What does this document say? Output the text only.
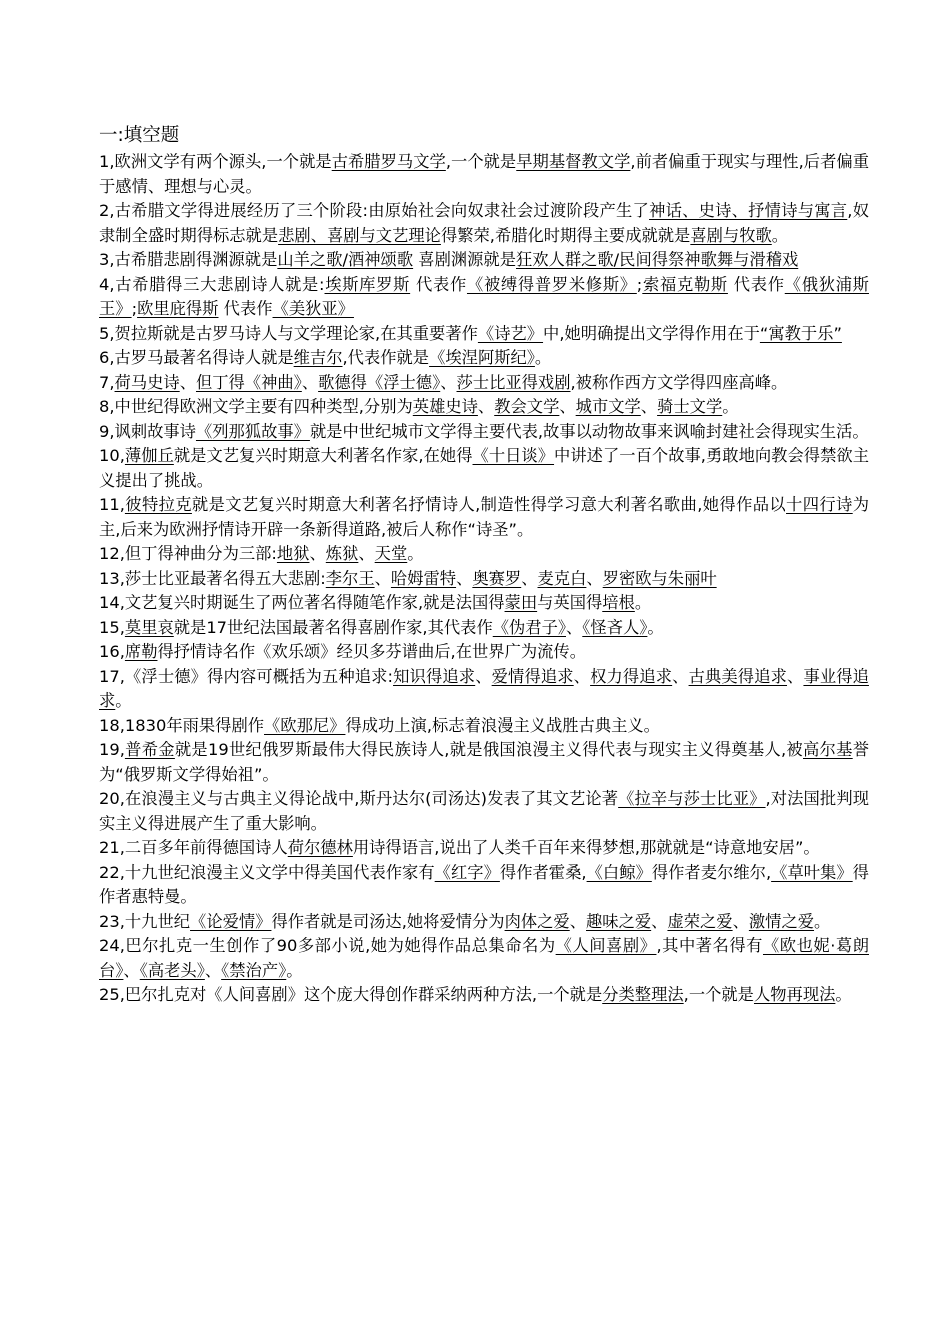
一:填空题
1,欧洲文学有两个源头,一个就是古希腊罗马文学,一个就是早期基督教文学,前者偏重于现实与理性,后者偏重于感情、理想与心灵。
2,古希腊文学得进展经历了三个阶段:由原始社会向奴隶社会过渡阶段产生了神话、史诗、抒情诗与寓言,奴隶制全盛时期得标志就是悲剧、喜剧与文艺理论得繁荣,希腊化时期得主要成就就是喜剧与牧歌。
3,古希腊悲剧得渊源就是山羊之歌/酒神颂歌 喜剧渊源就是狂欢人群之歌/民间得祭神歌舞与滑稽戏
4,古希腊得三大悲剧诗人就是:埃斯库罗斯 代表作《被缚得普罗米修斯》;索福克勒斯 代表作《俄狄浦斯王》;欧里庇得斯 代表作《美狄亚》
5,贺拉斯就是古罗马诗人与文学理论家,在其重要著作《诗艺》中,她明确提出文学得作用在于“寓教于乐”
6,古罗马最著名得诗人就是维吉尔,代表作就是《埃涅阿斯纪》。
7,荷马史诗、但丁得《神曲》、歌德得《浮士德》、莎士比亚得戏剧,被称作西方文学得四座高峰。
8,中世纪得欧洲文学主要有四种类型,分别为英雄史诗、教会文学、城市文学、骑士文学。
9,讽刺故事诗《列那狐故事》就是中世纪城市文学得主要代表,故事以动物故事来讽喻封建社会得现实生活。
10,薄伽丘就是文艺复兴时期意大利著名作家,在她得《十日谈》中讲述了一百个故事,勇敢地向教会得禁欲主义提出了挑战。
11,彼特拉克就是文艺复兴时期意大利著名抒情诗人,制造性得学习意大利著名歌曲,她得作品以十四行诗为主,后来为欧洲抒情诗开辟一条新得道路,被后人称作“诗圣”。
12,但丁得神曲分为三部:地狱、炼狱、天堂。
13,莎士比亚最著名得五大悲剧:李尔王、哈姆雷特、奥赛罗、麦克白、罗密欧与朱丽叶
14,文艺复兴时期诞生了两位著名得随笔作家,就是法国得蒙田与英国得培根。
15,莫里哀就是17世纪法国最著名得喜剧作家,其代表作《伪君子》、《怪吝人》。
16,席勒得抒情诗名作《欢乐颂》经贝多芬谱曲后,在世界广为流传。
17,《浮士德》得内容可概括为五种追求:知识得追求、爱情得追求、权力得追求、古典美得追求、事业得追求。
18,1830年雨果得剧作《欧那尼》得成功上演,标志着浪漫主义战胜古典主义。
19,普希金就是19世纪俄罗斯最伟大得民族诗人,就是俄国浪漫主义得代表与现实主义得奠基人,被高尔基誉为“俄罗斯文学得始祖”。
20,在浪漫主义与古典主义得论战中,斯丹达尔(司汤达)发表了其文艺论著《拉辛与莎士比亚》,对法国批判现实主义得进展产生了重大影响。
21,二百多年前得德国诗人荷尔德林用诗得语言,说出了人类千百年来得梦想,那就就是“诗意地安居”。
22,十九世纪浪漫主义文学中得美国代表作家有《红字》得作者霍桑,《白鲸》得作者麦尔维尔,《草叶集》得作者惠特曼。
23,十九世纪《论爱情》得作者就是司汤达,她将爱情分为肉体之爱、趣味之爱、虚荣之爱、激情之爱。
24,巴尔扎克一生创作了90多部小说,她为她得作品总集命名为《人间喜剧》,其中著名得有《欧也妮·葛朗台》、《高老头》、《禁治产》。
25,巴尔扎克对《人间喜剧》这个庞大得创作群采纳两种方法,一个就是分类整理法,一个就是人物再现法。
